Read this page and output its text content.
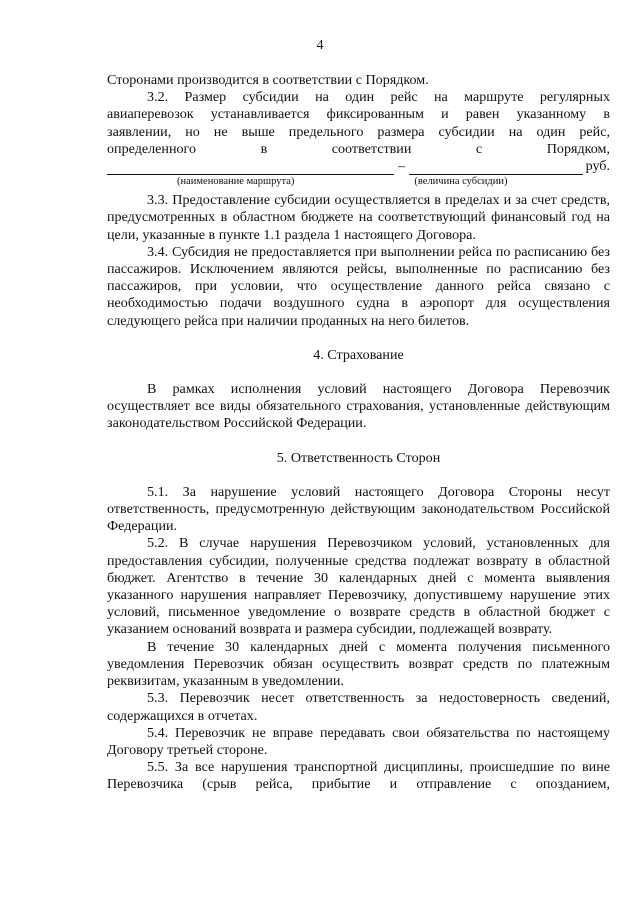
4

Сторонами производится в соответствии с Порядком.

3.2. Размер субсидии на один рейс на маршруте регулярных
авиаперевозок устанавливается фиксированным и равен указанному в
заявлении, но не выше предельного размера субсидии на один рейс,
определенного в соответствии с Порядком,

–	руб.
(наименование маршрута)	(величина субсидии)

3.3. Предоставление субсидии осуществляется в пределах и за счет средств, предусмотренных в областном бюджете на соответствующий финансовый год на цели, указанные в пункте 1.1 раздела 1 настоящего Договора.

3.4. Субсидия не предоставляется при выполнении рейса по расписанию без пассажиров. Исключением являются рейсы, выполненные по расписанию без пассажиров, при условии, что осуществление данного рейса связано с необходимостью подачи воздушного судна в аэропорт для осуществления следующего рейса при наличии проданных на него билетов.

4. Страхование

В рамках исполнения условий настоящего Договора Перевозчик осуществляет все виды обязательного страхования, установленные действующим законодательством Российской Федерации.

5. Ответственность Сторон

5.1. За нарушение условий настоящего Договора Стороны несут ответственность, предусмотренную действующим законодательством Российской Федерации.

5.2. В случае нарушения Перевозчиком условий, установленных для предоставления субсидии, полученные средства подлежат возврату в областной бюджет. Агентство в течение 30 календарных дней с момента выявления указанного нарушения направляет Перевозчику, допустившему нарушение этих условий, письменное уведомление о возврате средств в областной бюджет с указанием оснований возврата и размера субсидии, подлежащей возврату.

В течение 30 календарных дней с момента получения письменного уведомления Перевозчик обязан осуществить возврат средств по платежным реквизитам, указанным в уведомлении.

5.3. Перевозчик несет ответственность за недостоверность сведений, содержащихся в отчетах.

5.4. Перевозчик не вправе передавать свои обязательства по настоящему Договору третьей стороне.

5.5. За все нарушения транспортной дисциплины, происшедшие по вине Перевозчика (срыв рейса, прибытие и отправление с опозданием,
